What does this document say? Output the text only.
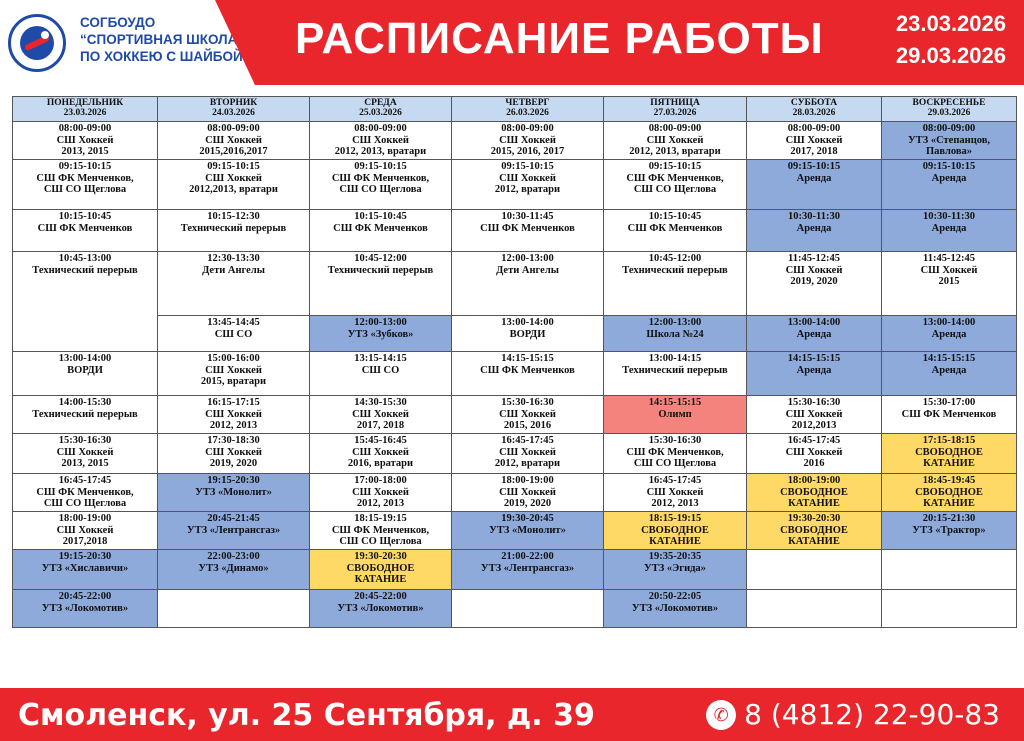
СОГБОУДО
“СПОРТИВНАЯ ШКОЛА
ПО ХОККЕЮ С ШАЙБОЙ” РАСПИСАНИЕ РАБОТЫ	23.03.2026
29.03.2026
ПОНЕДЕЛЬНИК
23.03.2026	ВТОРНИК
24.03.2026	СРЕДА
25.03.2026	ЧЕТВЕРГ
26.03.2026	ПЯТНИЦА
27.03.2026	СУББОТА
28.03.2026	ВОСКРЕСЕНЬЕ
29.03.2026

08:00-09:00
СШ Хоккей
2013, 2015	08:00-09:00
СШ Хоккей
2015,2016,2017	08:00-09:00
СШ Хоккей
2012, 2013, вратари	08:00-09:00
СШ Хоккей
2015, 2016, 2017	08:00-09:00
СШ Хоккей
2012, 2013, вратари	08:00-09:00
СШ Хоккей
2017, 2018	08:00-09:00
УТЗ «Степанцов,
Павлова»

09:15-10:15
СШ ФК Менченков,
СШ СО Щеглова	09:15-10:15
СШ Хоккей
2012,2013, вратари	09:15-10:15
СШ ФК Менченков,
СШ СО Щеглова	09:15-10:15
СШ Хоккей
2012, вратари	09:15-10:15
СШ ФК Менченков,
СШ СО Щеглова	09:15-10:15
Аренда	09:15-10:15
Аренда

10:15-10:45
СШ ФК Менченков	10:15-12:30
Технический перерыв	10:15-10:45
СШ ФК Менченков	10:30-11:45
СШ ФК Менченков	10:15-10:45
СШ ФК Менченков	10:30-11:30
Аренда	10:30-11:30
Аренда

10:45-13:00
Технический перерыв	12:30-13:30
Дети Ангелы	10:45-12:00
Технический перерыв	12:00-13:00
Дети Ангелы	10:45-12:00
Технический перерыв	11:45-12:45
СШ Хоккей
2019, 2020	11:45-12:45
СШ Хоккей
2015

	13:45-14:45
СШ СО	12:00-13:00
УТЗ «Зубков»	13:00-14:00
ВОРДИ	12:00-13:00
Школа №24	13:00-14:00
Аренда	13:00-14:00
Аренда

13:00-14:00
ВОРДИ	15:00-16:00
СШ Хоккей
2015, вратари	13:15-14:15
СШ СО	14:15-15:15
СШ ФК Менченков	13:00-14:15
Технический перерыв	14:15-15:15
Аренда	14:15-15:15
Аренда

14:00-15:30
Технический перерыв	16:15-17:15
СШ Хоккей
2012, 2013	14:30-15:30
СШ Хоккей
2017, 2018	15:30-16:30
СШ Хоккей
2015, 2016	14:15-15:15
Олимп	15:30-16:30
СШ Хоккей
2012,2013	15:30-17:00
СШ ФК Менченков

15:30-16:30
СШ Хоккей
2013, 2015	17:30-18:30
СШ Хоккей
2019, 2020	15:45-16:45
СШ Хоккей
2016, вратари	16:45-17:45
СШ Хоккей
2012, вратари	15:30-16:30
СШ ФК Менченков,
СШ СО Щеглова	16:45-17:45
СШ Хоккей
2016	17:15-18:15
СВОБОДНОЕ
КАТАНИЕ

16:45-17:45
СШ ФК Менченков,
СШ СО Щеглова	19:15-20:30
УТЗ «Монолит»	17:00-18:00
СШ Хоккей
2012, 2013	18:00-19:00
СШ Хоккей
2019, 2020	16:45-17:45
СШ Хоккей
2012, 2013	18:00-19:00
СВОБОДНОЕ
КАТАНИЕ	18:45-19:45
СВОБОДНОЕ
КАТАНИЕ

18:00-19:00
СШ Хоккей
2017,2018	20:45-21:45
УТЗ «Лентрансгаз»	18:15-19:15
СШ ФК Менченков,
СШ СО Щеглова	19:30-20:45
УТЗ «Монолит»	18:15-19:15
СВОБОДНОЕ
КАТАНИЕ	19:30-20:30
СВОБОДНОЕ
КАТАНИЕ	20:15-21:30
УТЗ «Трактор»

19:15-20:30
УТЗ «Хиславичи»	22:00-23:00
УТЗ «Динамо»	19:30-20:30
СВОБОДНОЕ
КАТАНИЕ	21:00-22:00
УТЗ «Лентрансгаз»	19:35-20:35
УТЗ «Эгида»		

20:45-22:00
УТЗ «Локомотив»		20:45-22:00
УТЗ «Локомотив»		20:50-22:05
УТЗ «Локомотив»		

Смоленск, ул. 25 Сентября, д. 39	✆ 8 (4812) 22-90-83
